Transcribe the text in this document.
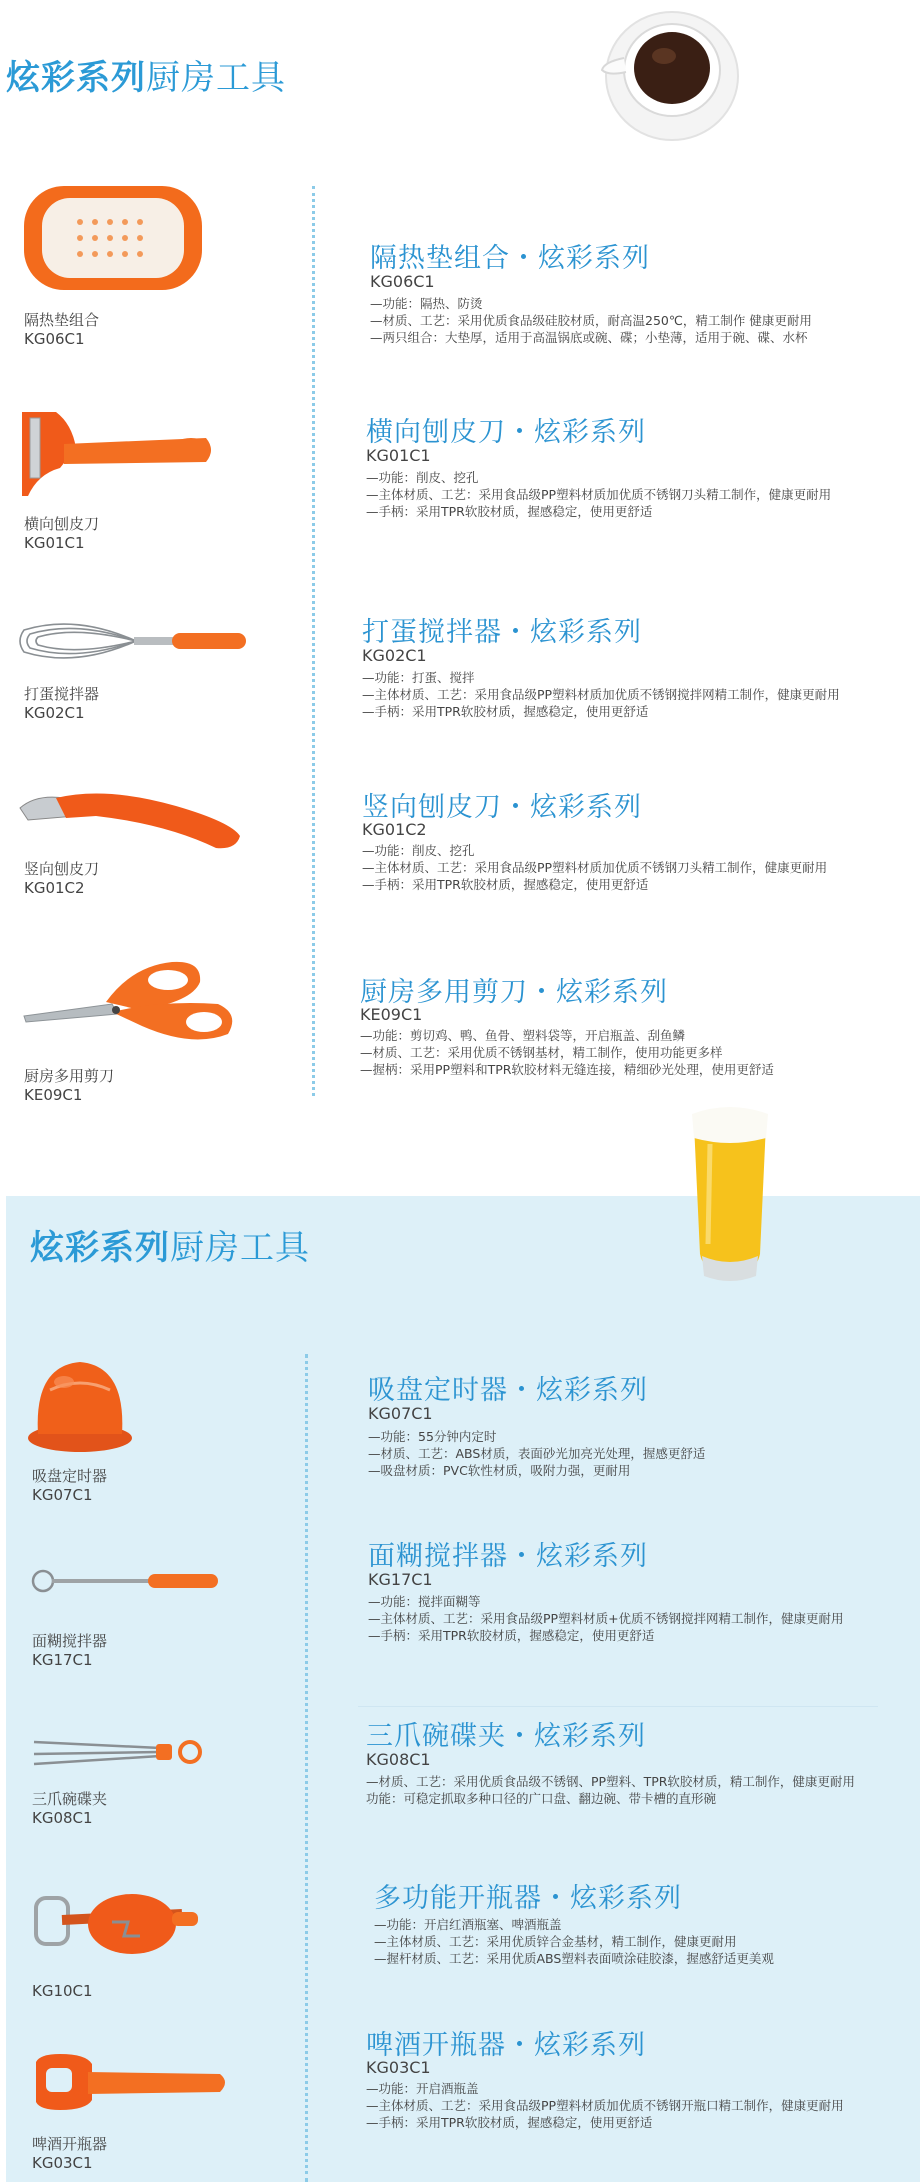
炫彩系列厨房工具
隔热垫组合
KG06C1
隔热垫组合・炫彩系列
KG06C1
—功能：隔热、防烫
—材质、工艺：采用优质食品级硅胶材质，耐高温250℃，精工制作 健康更耐用
—两只组合：大垫厚，适用于高温锅底或碗、碟；小垫薄，适用于碗、碟、水杯
横向刨皮刀
KG01C1
横向刨皮刀・炫彩系列
KG01C1
—功能：削皮、挖孔
—主体材质、工艺：采用食品级PP塑料材质加优质不锈钢刀头精工制作，健康更耐用
—手柄：采用TPR软胶材质，握感稳定，使用更舒适
打蛋搅拌器
KG02C1
打蛋搅拌器・炫彩系列
KG02C1
—功能：打蛋、搅拌
—主体材质、工艺：采用食品级PP塑料材质加优质不锈钢搅拌网精工制作，健康更耐用
—手柄：采用TPR软胶材质，握感稳定，使用更舒适
竖向刨皮刀
KG01C2
竖向刨皮刀・炫彩系列
KG01C2
—功能：削皮、挖孔
—主体材质、工艺：采用食品级PP塑料材质加优质不锈钢刀头精工制作，健康更耐用
—手柄：采用TPR软胶材质，握感稳定，使用更舒适
厨房多用剪刀
KE09C1
厨房多用剪刀・炫彩系列
KE09C1
—功能：剪切鸡、鸭、鱼骨、塑料袋等，开启瓶盖、刮鱼鳞
—材质、工艺：采用优质不锈钢基材，精工制作，使用功能更多样
—握柄：采用PP塑料和TPR软胶材料无缝连接，精细砂光处理，使用更舒适
炫彩系列厨房工具
吸盘定时器
KG07C1
吸盘定时器・炫彩系列
KG07C1
—功能：55分钟内定时
—材质、工艺：ABS材质，表面砂光加亮光处理，握感更舒适
—吸盘材质：PVC软性材质，吸附力强，更耐用
面糊搅拌器
KG17C1
面糊搅拌器・炫彩系列
KG17C1
—功能：搅拌面糊等
—主体材质、工艺：采用食品级PP塑料材质+优质不锈钢搅拌网精工制作，健康更耐用
—手柄：采用TPR软胶材质，握感稳定，使用更舒适
三爪碗碟夹
KG08C1
三爪碗碟夹・炫彩系列
KG08C1
—材质、工艺：采用优质食品级不锈钢、PP塑料、TPR软胶材质，精工制作，健康更耐用
功能：可稳定抓取多种口径的广口盘、翻边碗、带卡槽的直形碗
KG10C1
多功能开瓶器・炫彩系列
—功能：开启红酒瓶塞、啤酒瓶盖
—主体材质、工艺：采用优质锌合金基材，精工制作，健康更耐用
—握杆材质、工艺：采用优质ABS塑料表面喷涂硅胶漆，握感舒适更美观
啤酒开瓶器
KG03C1
啤酒开瓶器・炫彩系列
KG03C1
—功能：开启酒瓶盖
—主体材质、工艺：采用食品级PP塑料材质加优质不锈钢开瓶口精工制作，健康更耐用
—手柄：采用TPR软胶材质，握感稳定，使用更舒适
